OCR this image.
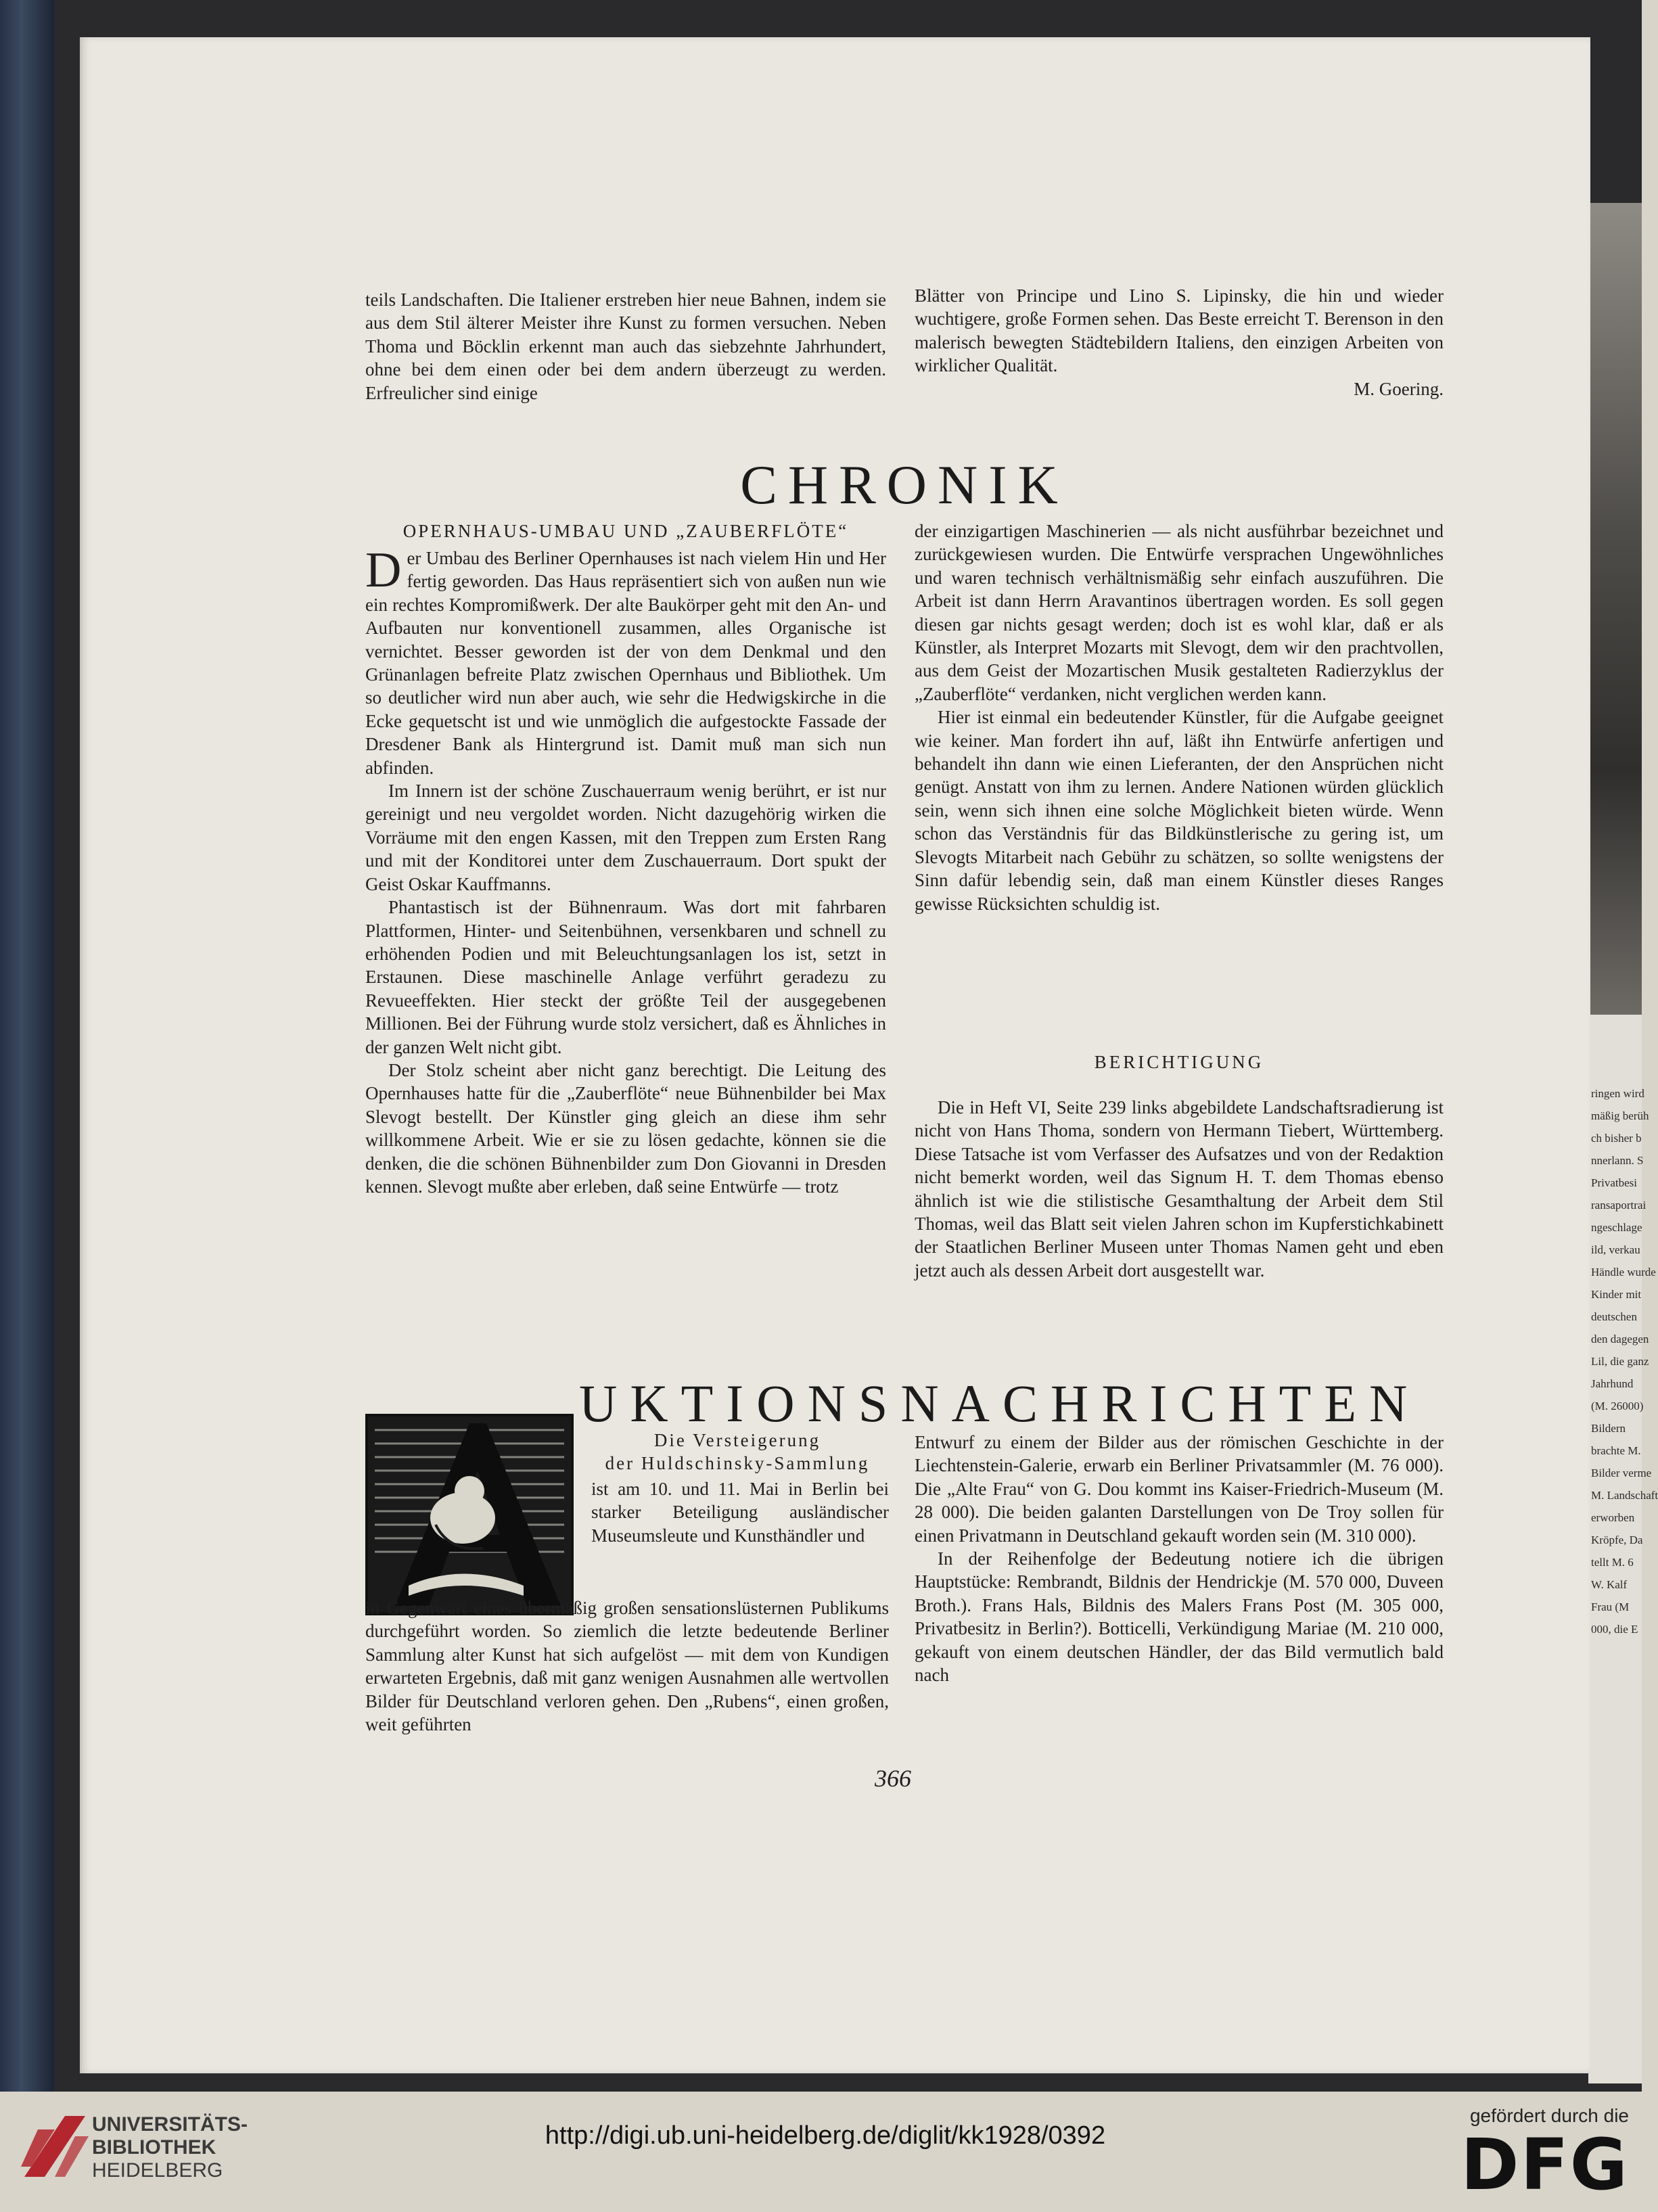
ringen wird
mäßig berüh
ch bisher b
nnerlann. S
Privatbesi
ransaportrai
ngeschlage
ild, verkau
Händle wurde
Kinder mit
deutschen
den dagegen
Lil, die ganz
Jahrhund
(M. 26000)
Bildern
brachte M.
Bilder verme
M. Landschaft
erworben
Kröpfe, Da
tellt M. 6
W. Kalf
Frau (M
000, die E

teils Landschaften. Die Italiener erstreben hier neue Bahnen, indem sie aus dem Stil älterer Meister ihre Kunst zu formen versuchen. Neben Thoma und Böcklin erkennt man auch das siebzehnte Jahrhundert, ohne bei dem einen oder bei dem andern überzeugt zu werden. Erfreulicher sind einige

Blätter von Principe und Lino S. Lipinsky, die hin und wieder wuchtigere, große Formen sehen. Das Beste erreicht T. Berenson in den malerisch bewegten Städtebildern Italiens, den einzigen Arbeiten von wirklicher Qualität.

M. Goering.
CHRONIK
OPERNHAUS-UMBAU UND „ZAUBERFLÖTE“

Der Umbau des Berliner Opernhauses ist nach vielem Hin und Her fertig geworden. Das Haus repräsentiert sich von außen nun wie ein rechtes Kompromißwerk. Der alte Baukörper geht mit den An- und Aufbauten nur konventionell zusammen, alles Organische ist vernichtet. Besser geworden ist der von dem Denkmal und den Grünanlagen befreite Platz zwischen Opernhaus und Bibliothek. Um so deutlicher wird nun aber auch, wie sehr die Hedwigskirche in die Ecke gequetscht ist und wie unmöglich die aufgestockte Fassade der Dresdener Bank als Hintergrund ist. Damit muß man sich nun abfinden.

Im Innern ist der schöne Zuschauerraum wenig berührt, er ist nur gereinigt und neu vergoldet worden. Nicht dazugehörig wirken die Vorräume mit den engen Kassen, mit den Treppen zum Ersten Rang und mit der Konditorei unter dem Zuschauerraum. Dort spukt der Geist Oskar Kauffmanns.

Phantastisch ist der Bühnenraum. Was dort mit fahrbaren Plattformen, Hinter- und Seitenbühnen, versenkbaren und schnell zu erhöhenden Podien und mit Beleuchtungsanlagen los ist, setzt in Erstaunen. Diese maschinelle Anlage verführt geradezu zu Revueeffekten. Hier steckt der größte Teil der ausgegebenen Millionen. Bei der Führung wurde stolz versichert, daß es Ähnliches in der ganzen Welt nicht gibt.

Der Stolz scheint aber nicht ganz berechtigt. Die Leitung des Opernhauses hatte für die „Zauberflöte“ neue Bühnenbilder bei Max Slevogt bestellt. Der Künstler ging gleich an diese ihm sehr willkommene Arbeit. Wie er sie zu lösen gedachte, können sie die denken, die die schönen Bühnenbilder zum Don Giovanni in Dresden kennen. Slevogt mußte aber erleben, daß seine Entwürfe — trotz

der einzigartigen Maschinerien — als nicht ausführbar bezeichnet und zurückgewiesen wurden. Die Entwürfe versprachen Ungewöhnliches und waren technisch verhältnismäßig sehr einfach auszuführen. Die Arbeit ist dann Herrn Aravantinos übertragen worden. Es soll gegen diesen gar nichts gesagt werden; doch ist es wohl klar, daß er als Künstler, als Interpret Mozarts mit Slevogt, dem wir den prachtvollen, aus dem Geist der Mozartischen Musik gestalteten Radierzyklus der „Zauberflöte“ verdanken, nicht verglichen werden kann.

Hier ist einmal ein bedeutender Künstler, für die Aufgabe geeignet wie keiner. Man fordert ihn auf, läßt ihn Entwürfe anfertigen und behandelt ihn dann wie einen Lieferanten, der den Ansprüchen nicht genügt. Anstatt von ihm zu lernen. Andere Nationen würden glücklich sein, wenn sich ihnen eine solche Möglichkeit bieten würde. Wenn schon das Verständnis für das Bildkünstlerische zu gering ist, um Slevogts Mitarbeit nach Gebühr zu schätzen, so sollte wenigstens der Sinn dafür lebendig sein, daß man einem Künstler dieses Ranges gewisse Rücksichten schuldig ist.

BERICHTIGUNG

Die in Heft VI, Seite 239 links abgebildete Landschaftsradierung ist nicht von Hans Thoma, sondern von Hermann Tiebert, Württemberg. Diese Tatsache ist vom Verfasser des Aufsatzes und von der Redaktion nicht bemerkt worden, weil das Signum H. T. dem Thomas ebenso ähnlich ist wie die stilistische Gesamthaltung der Arbeit dem Stil Thomas, weil das Blatt seit vielen Jahren schon im Kupferstichkabinett der Staatlichen Berliner Museen unter Thomas Namen geht und eben jetzt auch als dessen Arbeit dort ausgestellt war.

UKTIONSNACHRICHTEN
Die Versteigerung
der Huldschinsky-Sammlung

ist am 10. und 11. Mai in Berlin bei starker Beteiligung ausländischer Museumsleute und Kunsthändler und

in Gegenwart eines übermäßig großen sensationslüsternen Publikums durchgeführt worden. So ziemlich die letzte bedeutende Berliner Sammlung alter Kunst hat sich aufgelöst — mit dem von Kundigen erwarteten Ergebnis, daß mit ganz wenigen Ausnahmen alle wertvollen Bilder für Deutschland verloren gehen. Den „Rubens“, einen großen, weit geführten

Entwurf zu einem der Bilder aus der römischen Geschichte in der Liechtenstein-Galerie, erwarb ein Berliner Privatsammler (M. 76 000). Die „Alte Frau“ von G. Dou kommt ins Kaiser-Friedrich-Museum (M. 28 000). Die beiden galanten Darstellungen von De Troy sollen für einen Privatmann in Deutschland gekauft worden sein (M. 310 000).

In der Reihenfolge der Bedeutung notiere ich die übrigen Hauptstücke: Rembrandt, Bildnis der Hendrickje (M. 570 000, Duveen Broth.). Frans Hals, Bildnis des Malers Frans Post (M. 305 000, Privatbesitz in Berlin?). Botticelli, Verkündigung Mariae (M. 210 000, gekauft von einem deutschen Händler, der das Bild vermutlich bald nach

366
UNIVERSITÄTS-
BIBLIOTHEK
HEIDELBERG
http://digi.ub.uni-heidelberg.de/diglit/kk1928/0392
gefördert durch die
DFG
